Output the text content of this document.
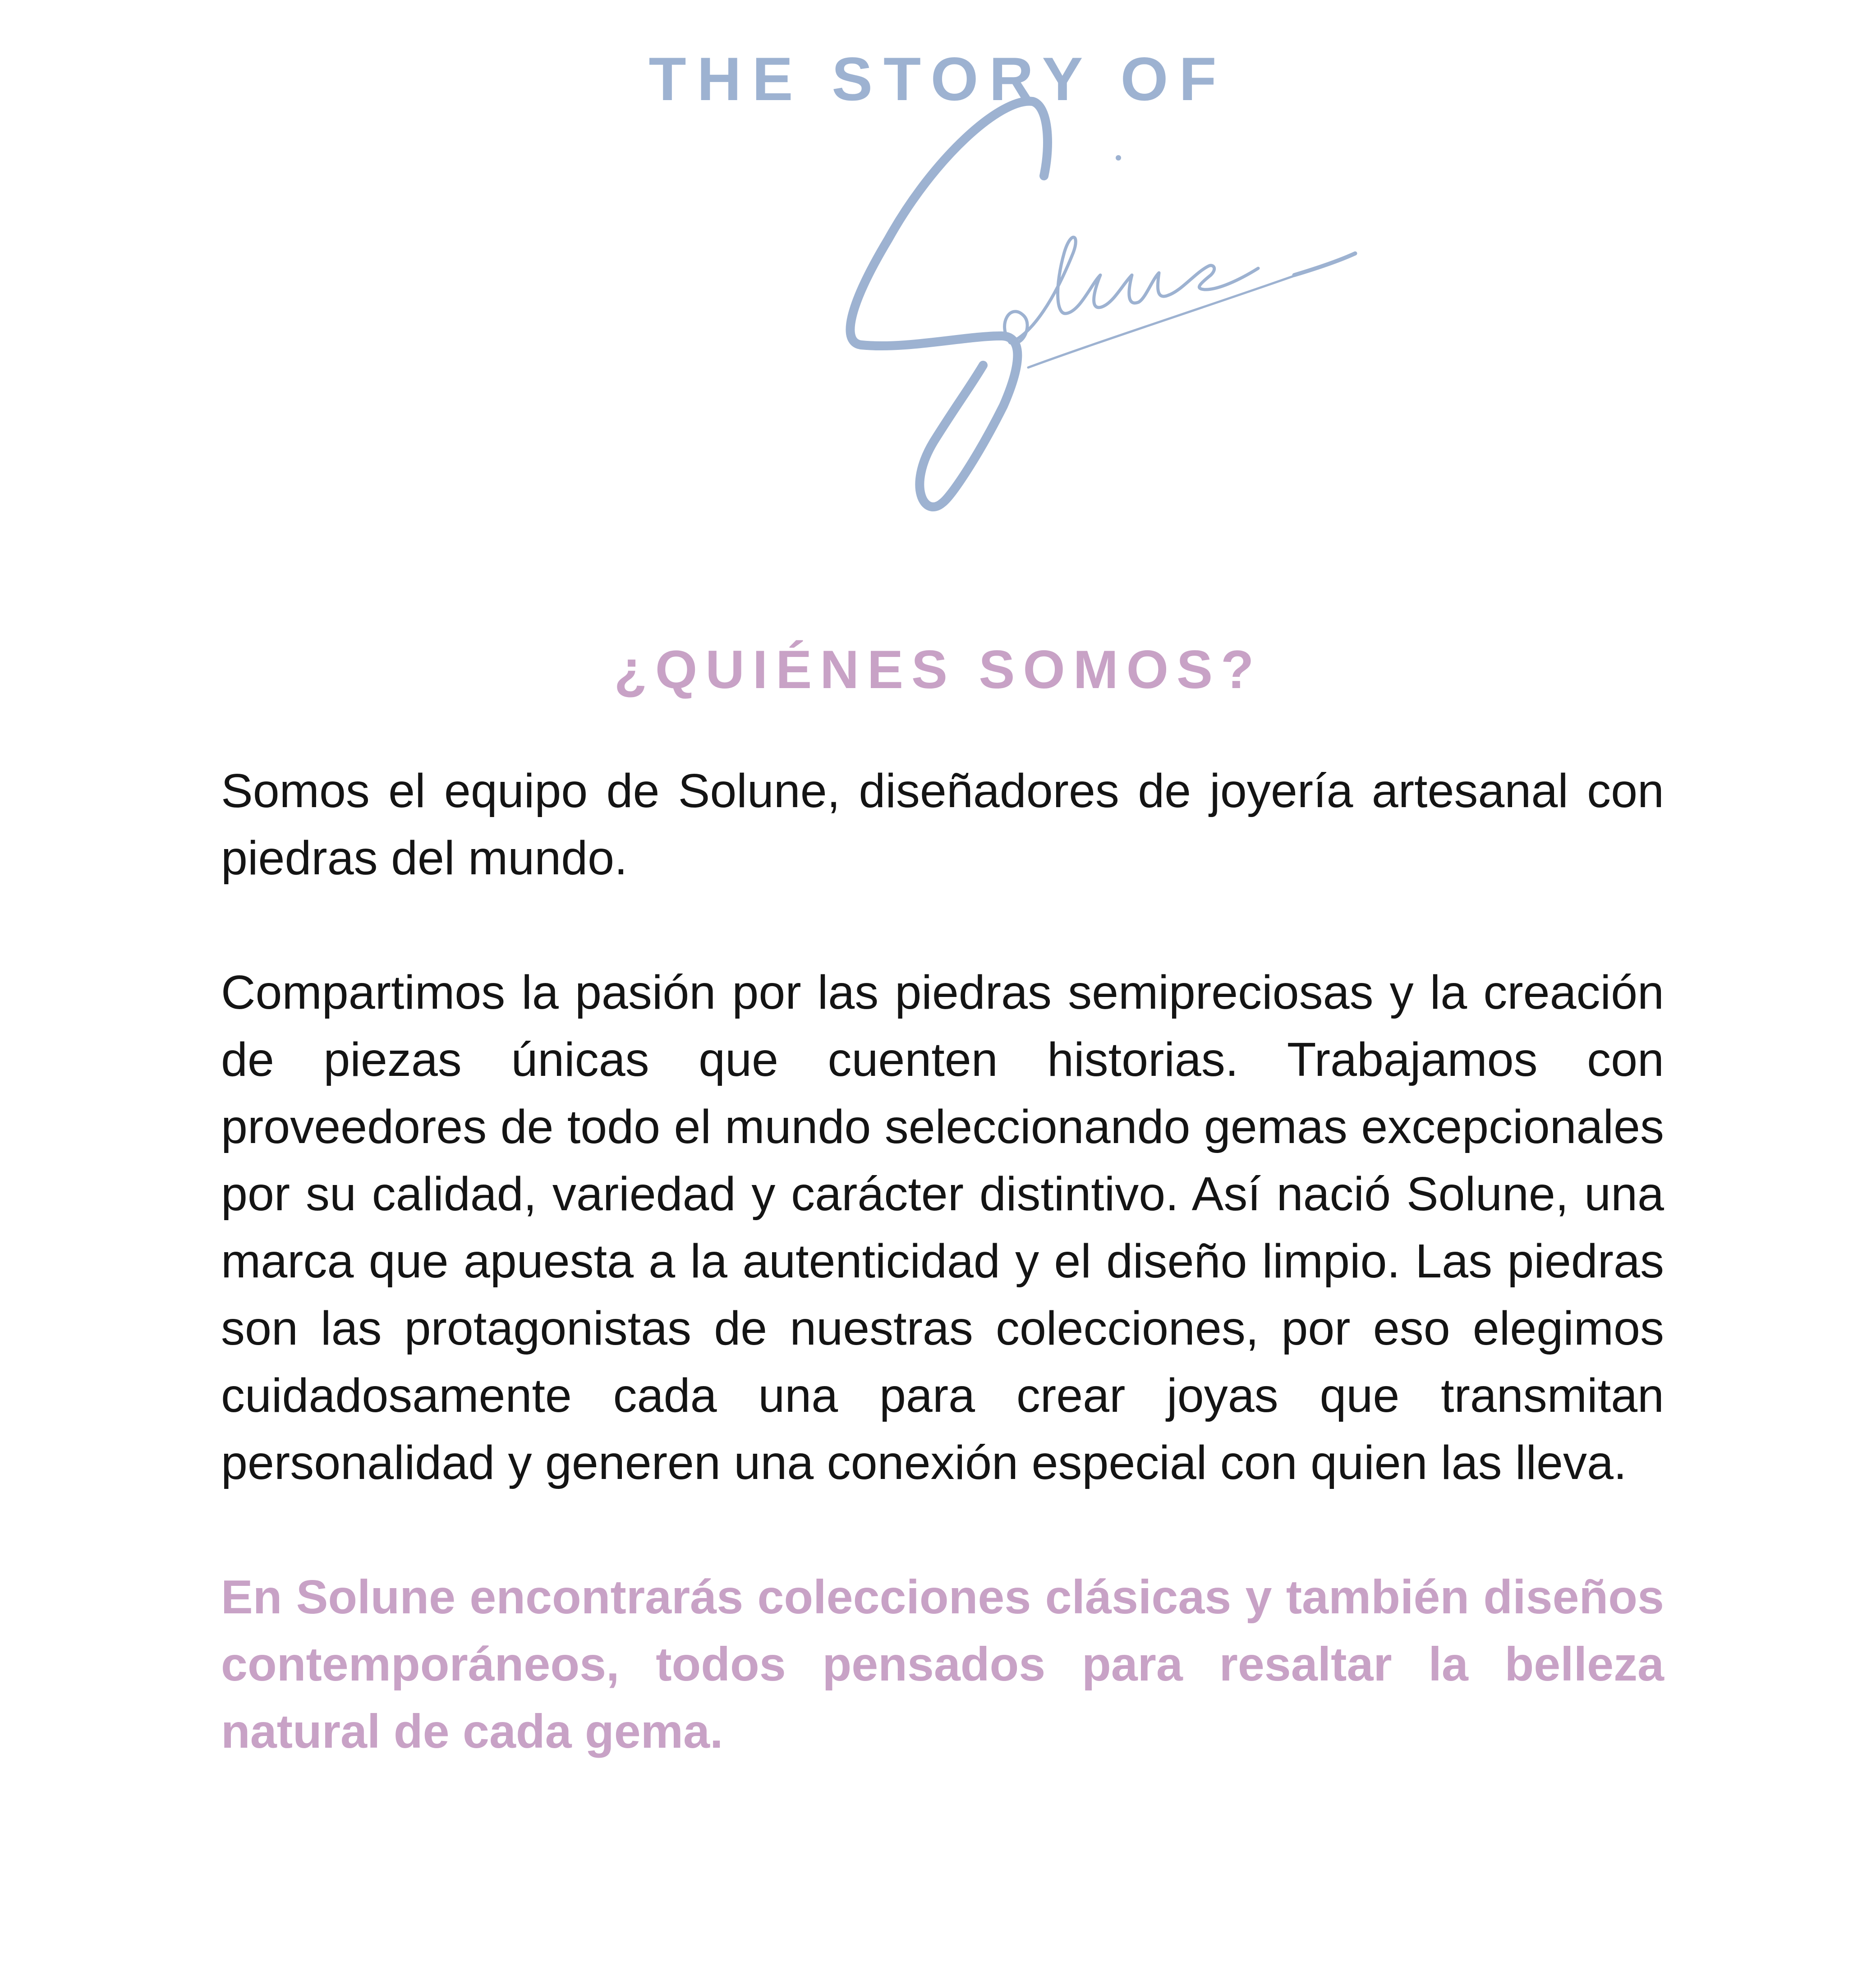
THE STORY OF
¿QUIÉNES SOMOS?

Somos el equipo de Solune, diseñadores de joyería artesanal con piedras del mundo.

Compartimos la pasión por las piedras semipreciosas y la creación de piezas únicas que cuenten historias. Trabajamos con proveedores de todo el mundo seleccionando gemas excepcionales por su calidad, variedad y carácter distintivo. Así nació Solune, una marca que apuesta a la autenticidad y el diseño limpio. Las piedras son las protagonistas de nuestras colecciones, por eso elegimos cuidadosamente cada una para crear joyas que transmitan personalidad y generen una conexión especial con quien las lleva.

En Solune encontrarás colecciones clásicas y también diseños contemporáneos, todos pensados para resaltar la belleza natural de cada gema.
